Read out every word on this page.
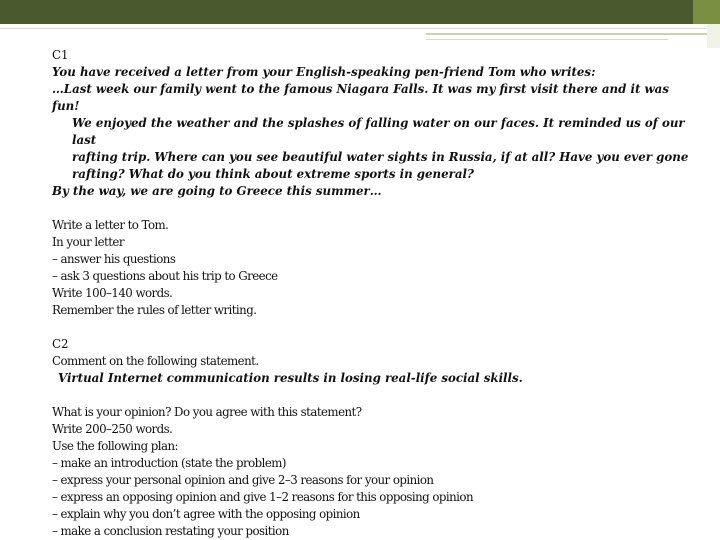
C1

You have received a letter from your English-speaking pen-friend Tom who writes:

…Last week our family went to the famous Niagara Falls. It was my first visit there and it was fun!

We enjoyed the weather and the splashes of falling water on our faces. It reminded us of our last

rafting trip. Where can you see beautiful water sights in Russia, if at all? Have you ever gone

rafting? What do you think about extreme sports in general?

By the way, we are going to Greece this summer…

Write a letter to Tom.

In your letter

– answer his questions

– ask 3 questions about his trip to Greece

Write 100–140 words.

Remember the rules of letter writing.

C2

Comment on the following statement.

Virtual Internet communication results in losing real-life social skills.

What is your opinion? Do you agree with this statement?

Write 200–250 words.

Use the following plan:

– make an introduction (state the problem)

– express your personal opinion and give 2–3 reasons for your opinion

– express an opposing opinion and give 1–2 reasons for this opposing opinion

– explain why you don’t agree with the opposing opinion

– make a conclusion restating your position
